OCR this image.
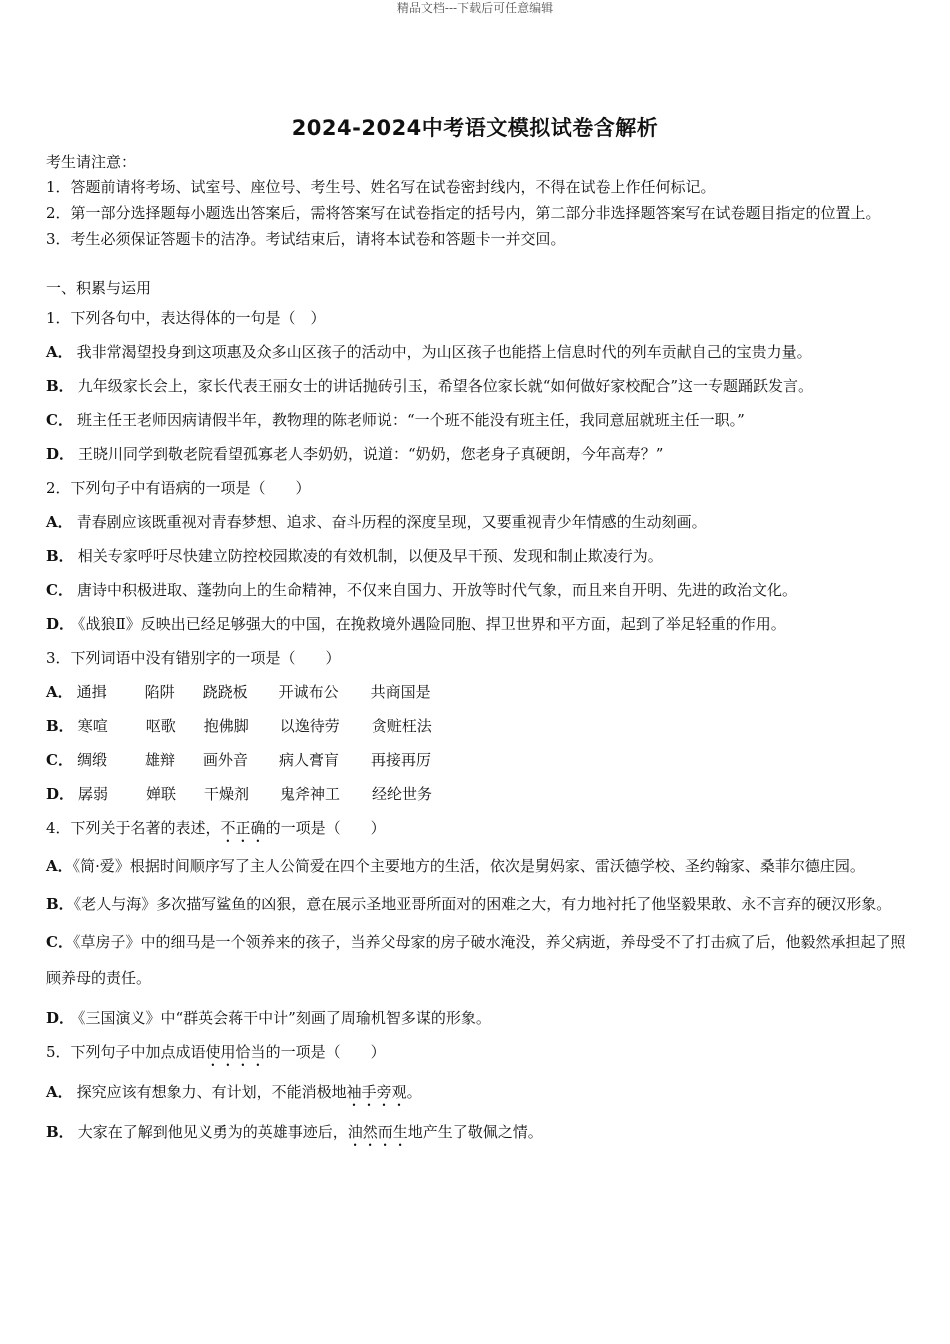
精品文档---下载后可任意编辑
2024-2024中考语文模拟试卷含解析
考生请注意：
1．答题前请将考场、试室号、座位号、考生号、姓名写在试卷密封线内，不得在试卷上作任何标记。
2．第一部分选择题每小题选出答案后，需将答案写在试卷指定的括号内，第二部分非选择题答案写在试卷题目指定的位置上。
3．考生必须保证答题卡的洁净。考试结束后，请将本试卷和答题卡一并交回。
一、积累与运用
1．下列各句中，表达得体的一句是（　）
A． 我非常渴望投身到这项惠及众多山区孩子的活动中，为山区孩子也能搭上信息时代的列车贡献自己的宝贵力量。
B． 九年级家长会上，家长代表王丽女士的讲话抛砖引玉，希望各位家长就“如何做好家校配合”这一专题踊跃发言。
C． 班主任王老师因病请假半年，教物理的陈老师说：“一个班不能没有班主任，我同意屈就班主任一职。”
D． 王晓川同学到敬老院看望孤寡老人李奶奶，说道：“奶奶，您老身子真硬朗，今年高寿？”
2．下列句子中有语病的一项是（　　）
A． 青春剧应该既重视对青春梦想、追求、奋斗历程的深度呈现，又要重视青少年情感的生动刻画。
B． 相关专家呼吁尽快建立防控校园欺凌的有效机制，以便及早干预、发现和制止欺凌行为。
C． 唐诗中积极进取、蓬勃向上的生命精神，不仅来自国力、开放等时代气象，而且来自开明、先进的政治文化。
D． 《战狼Ⅱ》反映出已经足够强大的中国，在挽救境外遇险同胞、捍卫世界和平方面，起到了举足轻重的作用。
3．下列词语中没有错别字的一项是（　　）
A． 通揖	陷阱 跷跷板 开诚布公 共商国是
B． 寒喧	呕歌 抱佛脚 以逸待劳 贪赃枉法
C． 绸缎	雄辩 画外音 病人膏肓 再接再厉
D． 孱弱	婵联 干燥剂 鬼斧神工 经纶世务
4．下列关于名著的表述，不正确的一项是（　　）
A．《简·爱》根据时间顺序写了主人公简爱在四个主要地方的生活，依次是舅妈家、雷沃德学校、圣约翰家、桑菲尔德庄园。
B．《老人与海》多次描写鲨鱼的凶狠，意在展示圣地亚哥所面对的困难之大，有力地衬托了他坚毅果敢、永不言弃的硬汉形象。
C．《草房子》中的细马是一个领养来的孩子，当养父母家的房子破水淹没，养父病逝，养母受不了打击疯了后，他毅然承担起了照顾养母的责任。
D． 《三国演义》中“群英会蒋干中计”刻画了周瑜机智多谋的形象。
5．下列句子中加点成语使用恰当的一项是（　　）
A． 探究应该有想象力、有计划，不能消极地袖手旁观。
B． 大家在了解到他见义勇为的英雄事迹后，油然而生地产生了敬佩之情。
